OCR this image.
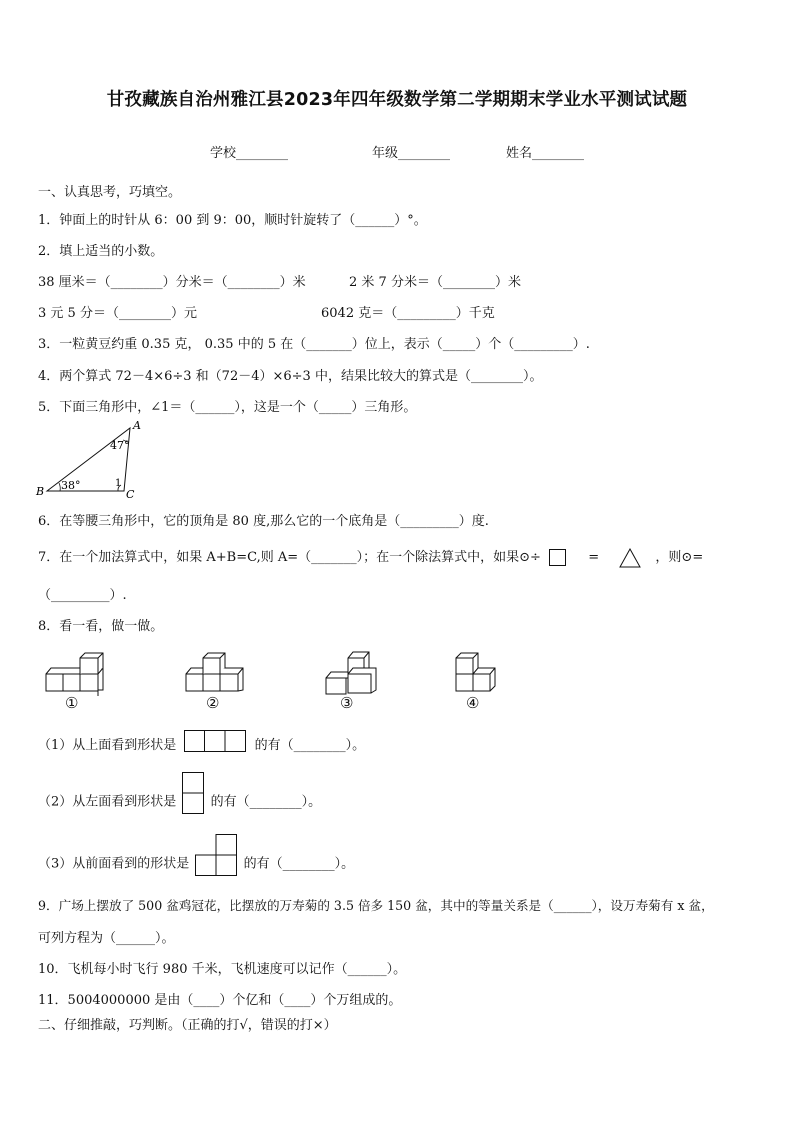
甘孜藏族自治州雅江县2023年四年级数学第二学期期末学业水平测试试题
学校________	年级________	姓名________
一、认真思考，巧填空。
1．钟面上的时针从 6：00 到 9：00，顺时针旋转了（______）°。
2．填上适当的小数。
38 厘米＝（________）分米＝（________）米	2 米 7 分米＝（________）米
3 元 5 分＝（________）元	6042 克＝（_________）千克
3．一粒黄豆约重 0.35 克， 0.35 中的 5 在（_______）位上，表示（_____）个（_________）.
4．两个算式 72－4×6÷3 和（72－4）×6÷3 中，结果比较大的算式是（________）。
5．下面三角形中，∠1＝（______），这是一个（_____）三角形。
A
B	C
47°
38°	1
6．在等腰三角形中，它的顶角是 80 度,那么它的一个底角是（_________）度.
7．在一个加法算式中，如果 A+B=C,则 A=（_______）；在一个除法算式中，如果⊙÷	=	，则⊙=
（_________）.
8．看一看，做一做。
①	②	③	④
（1）从上面看到形状是	的有（________）。
（2）从左面看到形状是	的有（________）。
（3）从前面看到的形状是	的有（________）。
9．广场上摆放了 500 盆鸡冠花，比摆放的万寿菊的 3.5 倍多 150 盆，其中的等量关系是（______），设万寿菊有 x 盆，
可列方程为（______）。
10．飞机每小时飞行 980 千米，飞机速度可以记作（______）。
11．5004000000 是由（____）个亿和（____）个万组成的。
二、仔细推敲，巧判断。（正确的打√，错误的打×）
